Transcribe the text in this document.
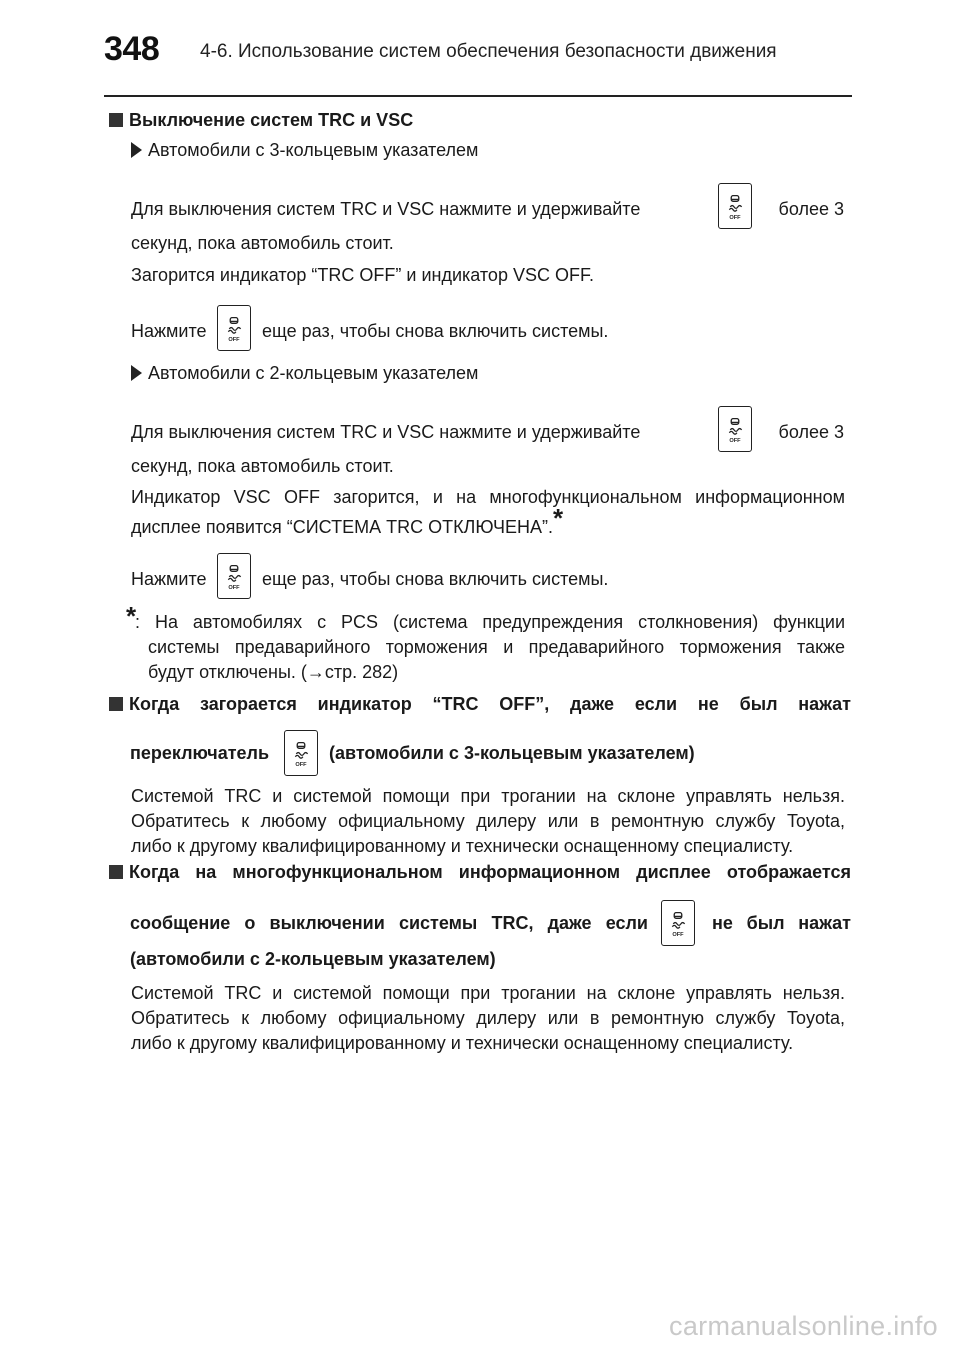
348 4-6. Использование систем обеспечения безопасности движения
Выключение систем TRC и VSC
Автомобили с 3-кольцевым указателем
Для выключения систем TRC и VSC нажмите и удерживайте	OFF	более 3
секунд, пока автомобиль стоит.
Загорится индикатор “TRC OFF” и индикатор VSC OFF.
Нажмите	OFF еще раз, чтобы снова включить системы.
Автомобили с 2-кольцевым указателем
Для выключения систем TRC и VSC нажмите и удерживайте	OFF	более 3
секунд, пока автомобиль стоит.
Индикатор VSC OFF загорится, и на многофункциональном информационном
дисплее появится “СИСТЕМА TRC ОТКЛЮЧЕНА”.*
Нажмите	OFF еще раз, чтобы снова включить системы.
*
: На автомобилях с PCS (система предупреждения столкновения) функции
системы предаварийного торможения и предаварийного торможения также
будут отключены. (→стр. 282)
Когда загорается индикатор “TRC OFF”, даже если не был нажат
переключатель
OFF
(автомобили с 3-кольцевым указателем)
Системой TRC и системой помощи при трогании на склоне управлять нельзя.
Обратитесь к любому официальному дилеру или в ремонтную службу Toyota,
либо к другому квалифицированному и технически оснащенному специалисту.
Когда на многофункциональном информационном дисплее отображается
сообщение о выключении системы TRC, даже если
OFF
не был нажат
(автомобили с 2-кольцевым указателем)
Системой TRC и системой помощи при трогании на склоне управлять нельзя.
Обратитесь к любому официальному дилеру или в ремонтную службу Toyota,
либо к другому квалифицированному и технически оснащенному специалисту.
carmanualsonline.info
